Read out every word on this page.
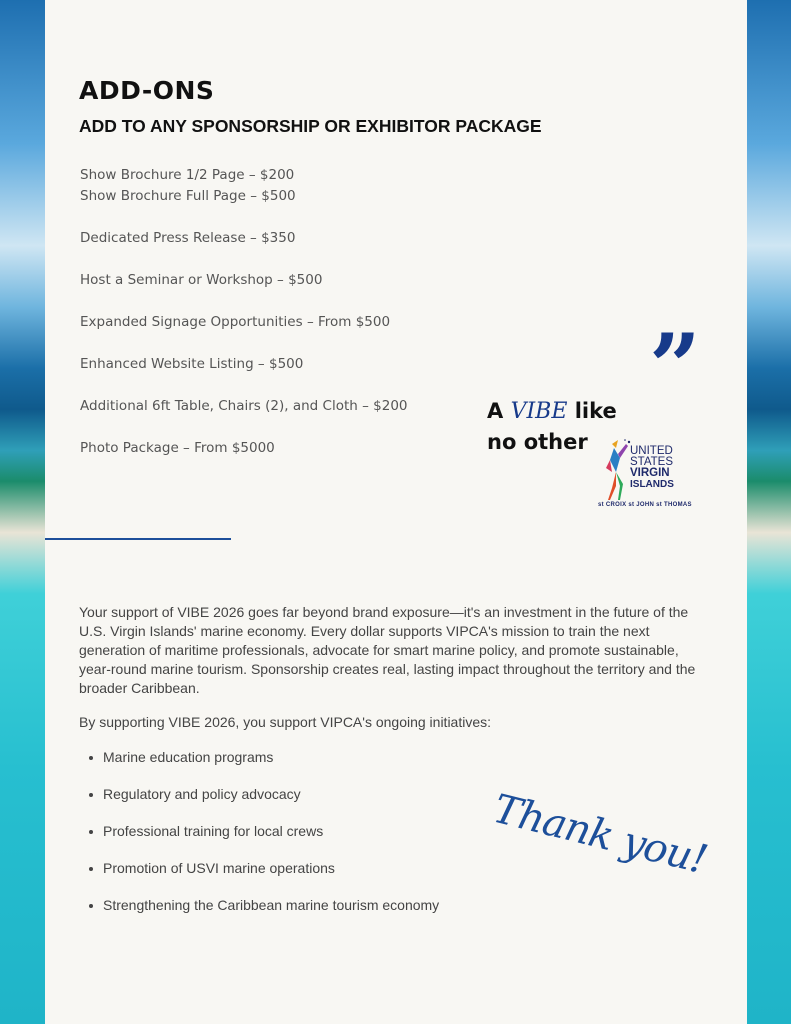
ADD-ONS
ADD TO ANY SPONSORSHIP OR EXHIBITOR PACKAGE
Show Brochure 1/2 Page – $200
Show Brochure Full Page – $500

Dedicated Press Release – $350

Host a Seminar or Workshop – $500

Expanded Signage Opportunities – From $500

Enhanced Website Listing – $500

Additional 6ft Table, Chairs (2), and Cloth – $200

Photo Package – From $5000
”
A VIBE like
no other	UNITED
STATES
VIRGIN
ISLANDS
st CROIX st JOHN st THOMAS

Your support of VIBE 2026 goes far beyond brand exposure—it's an investment in the future of the U.S. Virgin Islands' marine economy. Every dollar supports VIPCA's mission to train the next generation of maritime professionals, advocate for smart marine policy, and promote sustainable, year-round marine tourism. Sponsorship creates real, lasting impact throughout the territory and the broader Caribbean.

By supporting VIBE 2026, you support VIPCA's ongoing initiatives:

Marine education programs
Regulatory and policy advocacy
Professional training for local crews
Promotion of USVI marine operations
Strengthening the Caribbean marine tourism economy
Thank you!
